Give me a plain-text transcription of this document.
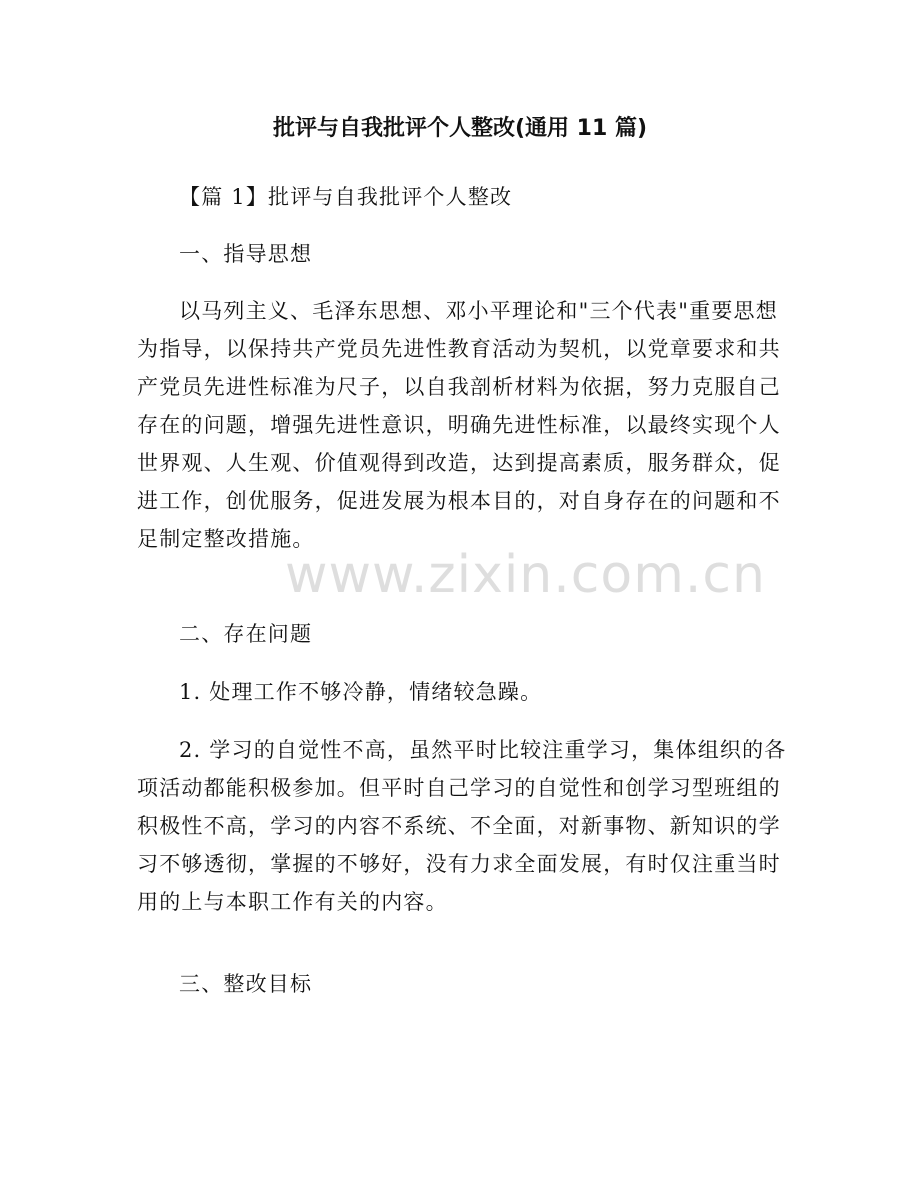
批评与自我批评个人整改(通用 11 篇)

【篇 1】批评与自我批评个人整改

一、指导思想

以马列主义、毛泽东思想、邓小平理论和"三个代表"重要思想为指导，以保持共产党员先进性教育活动为契机，以党章要求和共产党员先进性标准为尺子，以自我剖析材料为依据，努力克服自己存在的问题，增强先进性意识，明确先进性标准，以最终实现个人世界观、人生观、价值观得到改造，达到提高素质，服务群众，促进工作，创优服务，促进发展为根本目的，对自身存在的问题和不足制定整改措施。

二、存在问题

1. 处理工作不够冷静，情绪较急躁。

2. 学习的自觉性不高，虽然平时比较注重学习，集体组织的各项活动都能积极参加。但平时自己学习的自觉性和创学习型班组的积极性不高，学习的内容不系统、不全面，对新事物、新知识的学习不够透彻，掌握的不够好，没有力求全面发展，有时仅注重当时用的上与本职工作有关的内容。

三、整改目标

www.zixin.com.cn
